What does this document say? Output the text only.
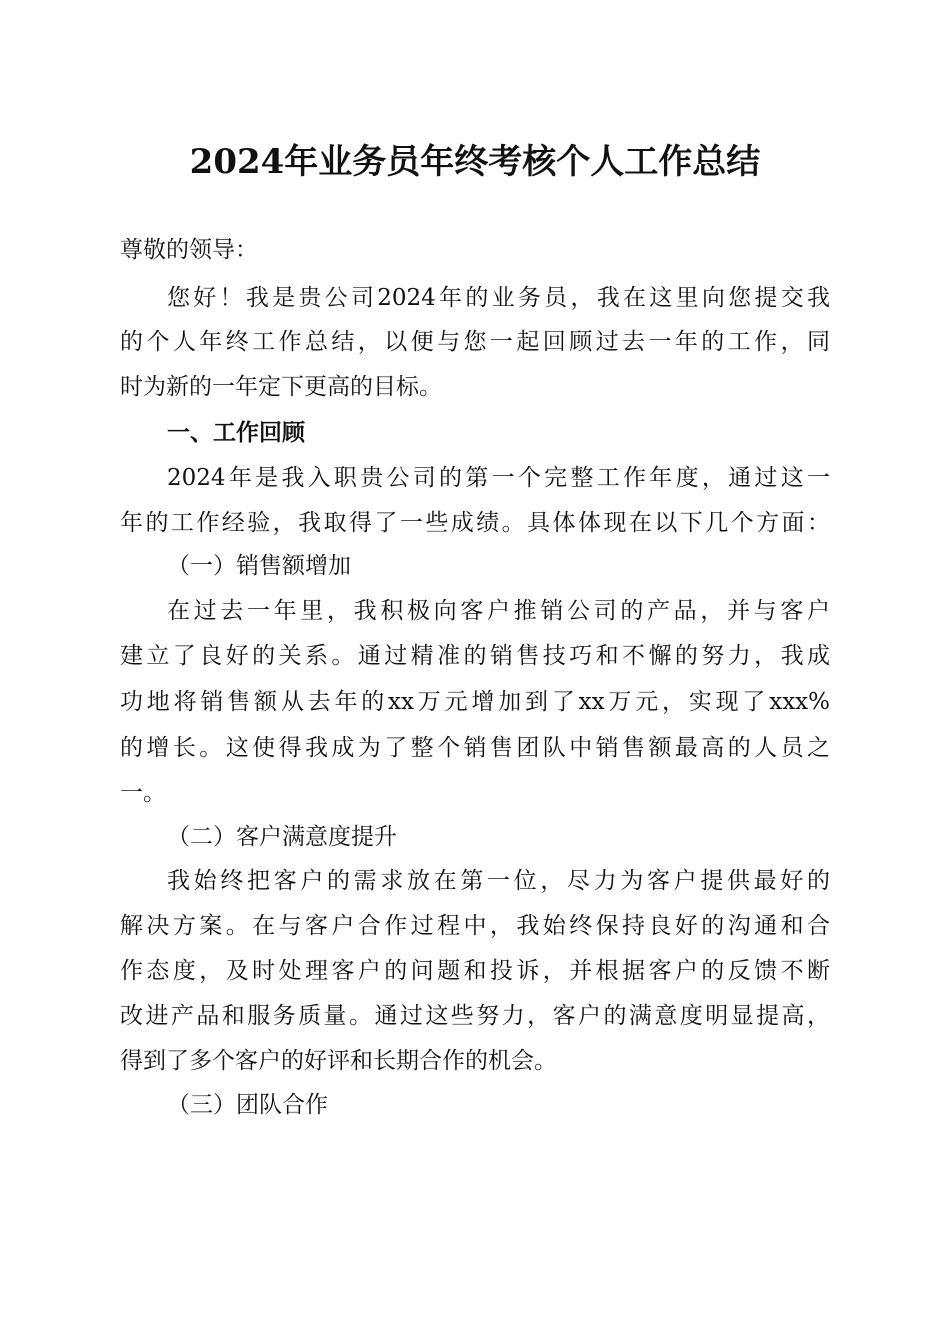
2024年业务员年终考核个人工作总结
尊敬的领导：
您好！我是贵公司2024年的业务员，我在这里向您提交我
的个人年终工作总结，以便与您一起回顾过去一年的工作，同
时为新的一年定下更高的目标。
一、工作回顾
2024年是我入职贵公司的第一个完整工作年度，通过这一
年的工作经验，我取得了一些成绩。具体体现在以下几个方面：
（一）销售额增加
在过去一年里，我积极向客户推销公司的产品，并与客户
建立了良好的关系。通过精准的销售技巧和不懈的努力，我成
功地将销售额从去年的xx万元增加到了xx万元，实现了xxx%
的增长。这使得我成为了整个销售团队中销售额最高的人员之
一。
（二）客户满意度提升
我始终把客户的需求放在第一位，尽力为客户提供最好的
解决方案。在与客户合作过程中，我始终保持良好的沟通和合
作态度，及时处理客户的问题和投诉，并根据客户的反馈不断
改进产品和服务质量。通过这些努力，客户的满意度明显提高，
得到了多个客户的好评和长期合作的机会。
（三）团队合作
